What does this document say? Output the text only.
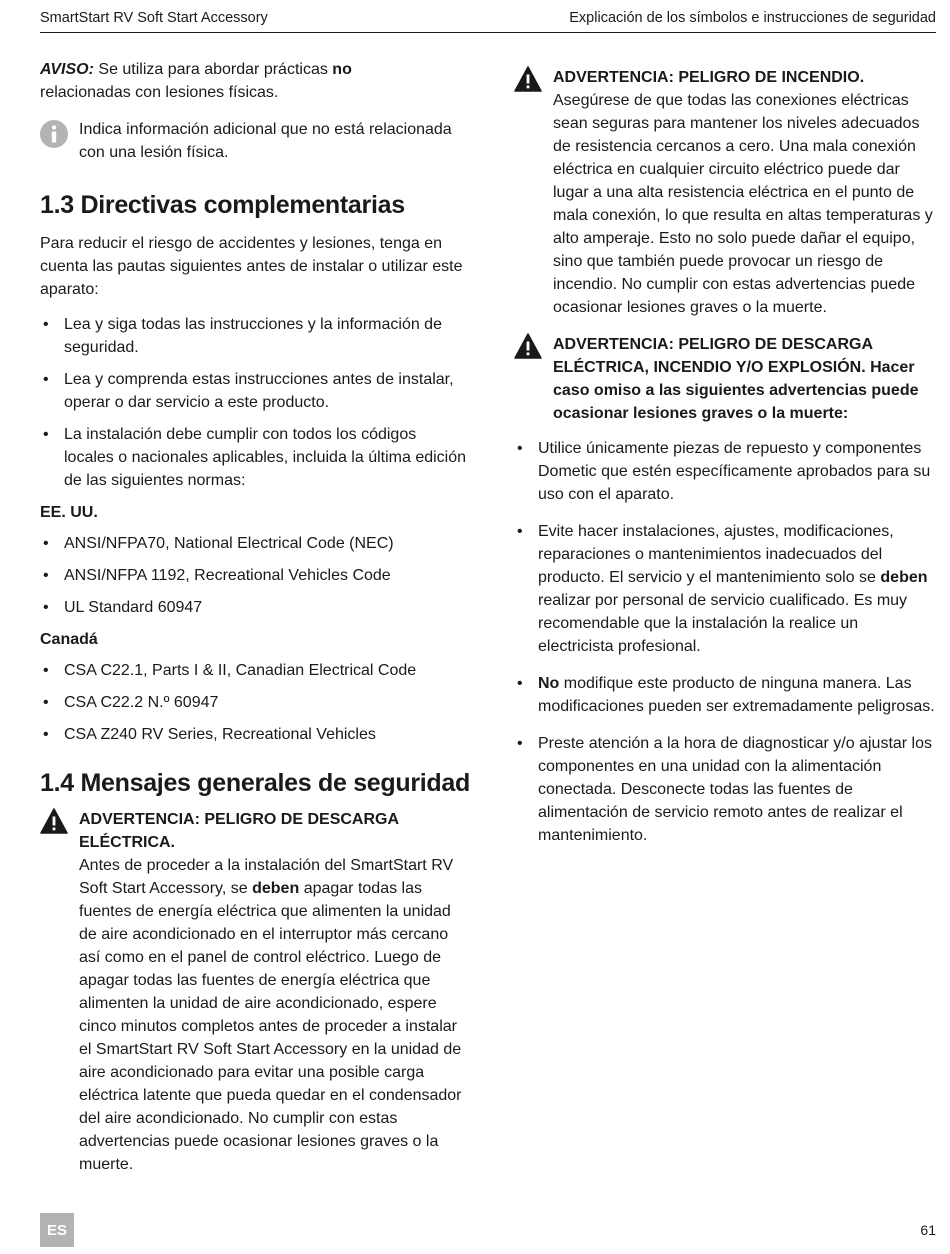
SmartStart RV Soft Start Accessory	Explicación de los símbolos e instrucciones de seguridad

AVISO: Se utiliza para abordar prácticas no
relacionadas con lesiones físicas.

Indica información adicional que no está relacionada con una lesión física.

1.3 Directivas complementarias

Para reducir el riesgo de accidentes y lesiones, tenga en cuenta las pautas siguientes antes de instalar o utilizar este aparato:

• Lea y siga todas las instrucciones y la información de seguridad.
• Lea y comprenda estas instrucciones antes de instalar, operar o dar servicio a este producto.
• La instalación debe cumplir con todos los códigos locales o nacionales aplicables, incluida la última edición de las siguientes normas:
EE. UU.
• ANSI/NFPA70, National Electrical Code (NEC)
• ANSI/NFPA 1192, Recreational Vehicles Code
• UL Standard 60947
Canadá
• CSA C22.1, Parts I & II, Canadian Electrical Code
• CSA C22.2 N.º 60947
• CSA Z240 RV Series, Recreational Vehicles
1.4 Mensajes generales de seguridad
ADVERTENCIA: PELIGRO DE DESCARGA ELÉCTRICA.

Antes de proceder a la instalación del SmartStart RV Soft Start Accessory, se deben apagar todas las fuentes de energía eléctrica que alimenten la unidad de aire acondicionado en el interruptor más cercano así como en el panel de control eléctrico. Luego de apagar todas las fuentes de energía eléctrica que alimenten la unidad de aire acondicionado, espere cinco minutos completos antes de proceder a instalar el SmartStart RV Soft Start Accessory en la unidad de aire acondicionado para evitar una posible carga eléctrica latente que pueda quedar en el condensador del aire acondicionado. No cumplir con estas advertencias puede ocasionar lesiones graves o la muerte.

ADVERTENCIA: PELIGRO DE INCENDIO.

Asegúrese de que todas las conexiones eléctricas sean seguras para mantener los niveles adecuados de resistencia cercanos a cero. Una mala conexión eléctrica en cualquier circuito eléctrico puede dar lugar a una alta resistencia eléctrica en el punto de mala conexión, lo que resulta en altas temperaturas y alto amperaje. Esto no solo puede dañar el equipo, sino que también puede provocar un riesgo de incendio. No cumplir con estas advertencias puede ocasionar lesiones graves o la muerte.

ADVERTENCIA: PELIGRO DE DESCARGA ELÉCTRICA, INCENDIO Y/O EXPLOSIÓN. Hacer caso omiso a las siguientes advertencias puede ocasionar lesiones graves o la muerte:
• Utilice únicamente piezas de repuesto y componentes Dometic que estén específicamente aprobados para su uso con el aparato.
• Evite hacer instalaciones, ajustes, modificaciones, reparaciones o mantenimientos inadecuados del producto. El servicio y el mantenimiento solo se deben realizar por personal de servicio cualificado. Es muy recomendable que la instalación la realice un electricista profesional.
• No modifique este producto de ninguna manera. Las modificaciones pueden ser extremadamente peligrosas.
• Preste atención a la hora de diagnosticar y/o ajustar los componentes en una unidad con la alimentación conectada. Desconecte todas las fuentes de alimentación de servicio remoto antes de realizar el mantenimiento.
ES	61
